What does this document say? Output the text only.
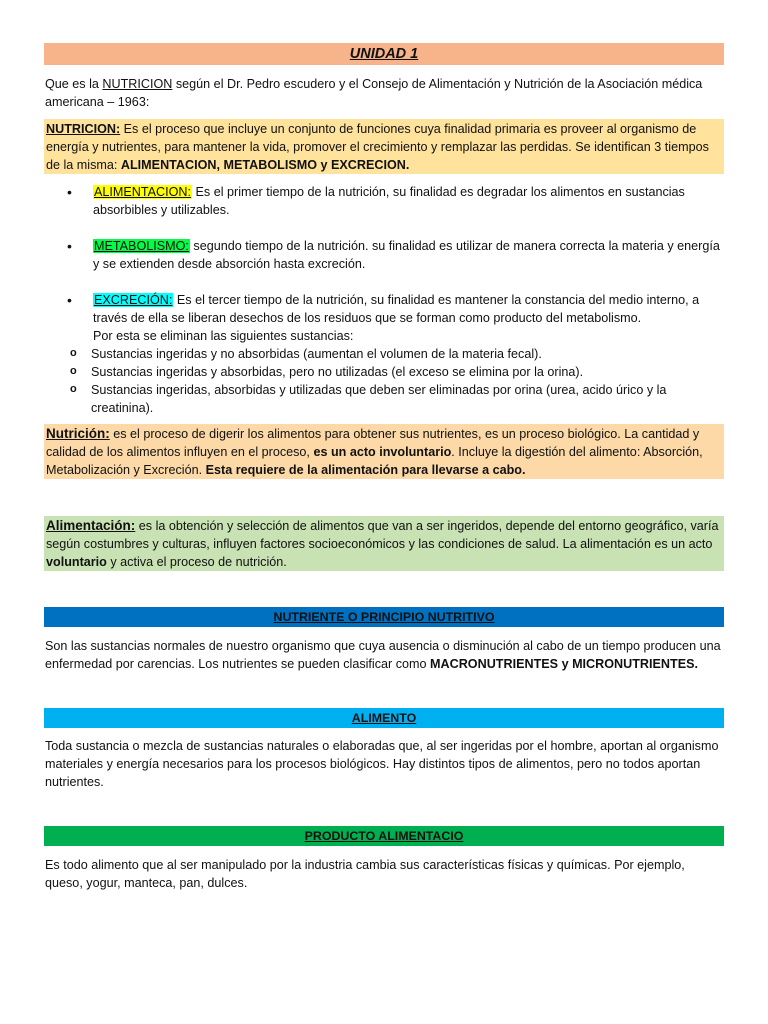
UNIDAD 1
Que es la NUTRICION según el Dr. Pedro escudero y el Consejo de Alimentación y Nutrición de la Asociación médica americana – 1963:
NUTRICION: Es el proceso que incluye un conjunto de funciones cuya finalidad primaria es proveer al organismo de energía y nutrientes, para mantener la vida, promover el crecimiento y remplazar las perdidas. Se identifican 3 tiempos de la misma: ALIMENTACION, METABOLISMO y EXCRECION.
• ALIMENTACION: Es el primer tiempo de la nutrición, su finalidad es degradar los alimentos en sustancias absorbibles y utilizables.
• METABOLISMO: segundo tiempo de la nutrición. su finalidad es utilizar de manera correcta la materia y energía y se extienden desde absorción hasta excreción.
• EXCRECIÓN: Es el tercer tiempo de la nutrición, su finalidad es mantener la constancia del medio interno, a través de ella se liberan desechos de los residuos que se forman como producto del metabolismo.
Por esta se eliminan las siguientes sustancias:
o Sustancias ingeridas y no absorbidas (aumentan el volumen de la materia fecal).
o Sustancias ingeridas y absorbidas, pero no utilizadas (el exceso se elimina por la orina).
o Sustancias ingeridas, absorbidas y utilizadas que deben ser eliminadas por orina (urea, acido úrico y la creatinina).
Nutrición: es el proceso de digerir los alimentos para obtener sus nutrientes, es un proceso biológico. La cantidad y calidad de los alimentos influyen en el proceso, es un acto involuntario. Incluye la digestión del alimento: Absorción, Metabolización y Excreción. Esta requiere de la alimentación para llevarse a cabo.
Alimentación: es la obtención y selección de alimentos que van a ser ingeridos, depende del entorno geográfico, varía según costumbres y culturas, influyen factores socioeconómicos y las condiciones de salud. La alimentación es un acto voluntario y activa el proceso de nutrición.
NUTRIENTE O PRINCIPIO NUTRITIVO
Son las sustancias normales de nuestro organismo que cuya ausencia o disminución al cabo de un tiempo producen una enfermedad por carencias. Los nutrientes se pueden clasificar como MACRONUTRIENTES y MICRONUTRIENTES.
ALIMENTO
Toda sustancia o mezcla de sustancias naturales o elaboradas que, al ser ingeridas por el hombre, aportan al organismo materiales y energía necesarios para los procesos biológicos. Hay distintos tipos de alimentos, pero no todos aportan nutrientes.
PRODUCTO ALIMENTACIO
Es todo alimento que al ser manipulado por la industria cambia sus características físicas y químicas. Por ejemplo, queso, yogur, manteca, pan, dulces.
